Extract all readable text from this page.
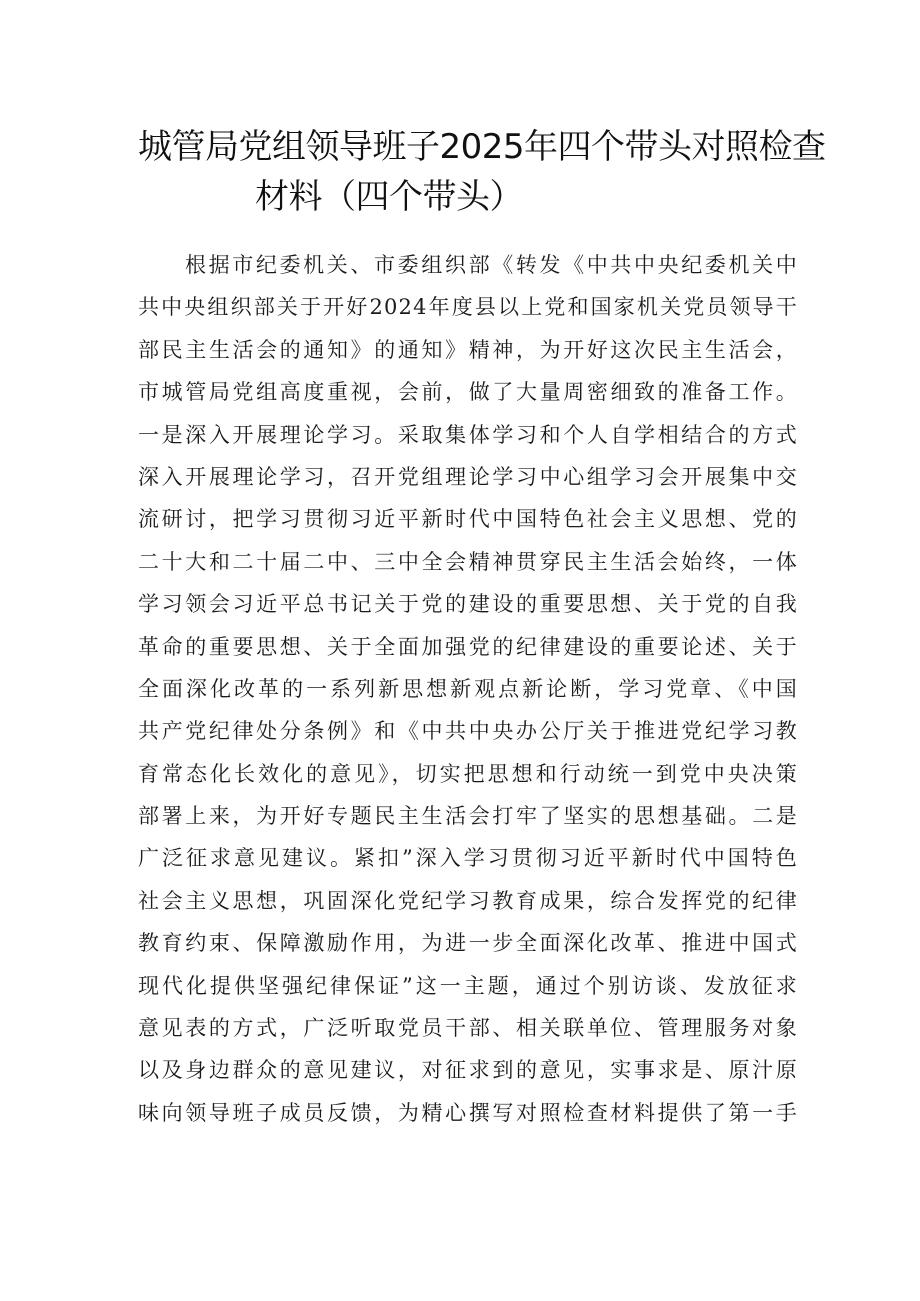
城管局党组领导班子2025年四个带头对照检查
材料（四个带头）
根据市纪委机关、市委组织部《转发《中共中央纪委机关中
共中央组织部关于开好2024年度县以上党和国家机关党员领导干
部民主生活会的通知》的通知》精神，为开好这次民主生活会，
市城管局党组高度重视，会前，做了大量周密细致的准备工作。
一是深入开展理论学习。采取集体学习和个人自学相结合的方式
深入开展理论学习，召开党组理论学习中心组学习会开展集中交
流研讨，把学习贯彻习近平新时代中国特色社会主义思想、党的
二十大和二十届二中、三中全会精神贯穿民主生活会始终，一体
学习领会习近平总书记关于党的建设的重要思想、关于党的自我
革命的重要思想、关于全面加强党的纪律建设的重要论述、关于
全面深化改革的一系列新思想新观点新论断，学习党章、《中国
共产党纪律处分条例》和《中共中央办公厅关于推进党纪学习教
育常态化长效化的意见》，切实把思想和行动统一到党中央决策
部署上来，为开好专题民主生活会打牢了坚实的思想基础。二是
广泛征求意见建议。紧扣”深入学习贯彻习近平新时代中国特色
社会主义思想，巩固深化党纪学习教育成果，综合发挥党的纪律
教育约束、保障激励作用，为进一步全面深化改革、推进中国式
现代化提供坚强纪律保证”这一主题，通过个别访谈、发放征求
意见表的方式，广泛听取党员干部、相关联单位、管理服务对象
以及身边群众的意见建议，对征求到的意见，实事求是、原汁原
味向领导班子成员反馈，为精心撰写对照检查材料提供了第一手
